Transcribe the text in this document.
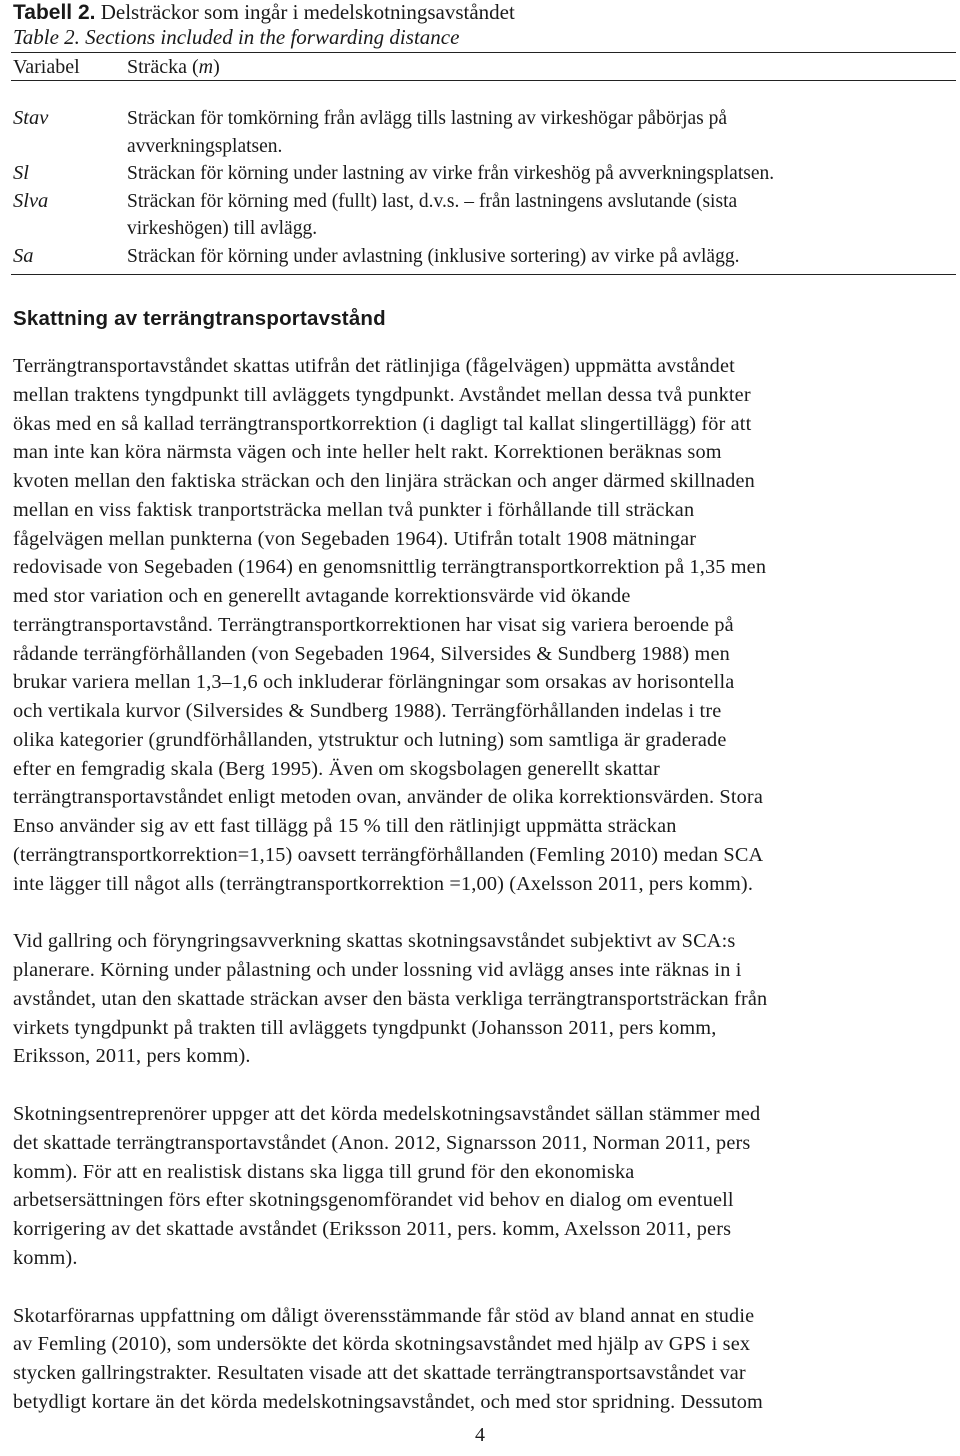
Tabell 2. Delsträckor som ingår i medelskotningsavståndet
Table 2. Sections included in the forwarding distance
Variabel	Sträcka (m)
Stav	Sträckan för tomkörning från avlägg tills lastning av virkeshögar påbörjas på
avverkningsplatsen.
Sl	Sträckan för körning under lastning av virke från virkeshög på avverkningsplatsen.
Slva	Sträckan för körning med (fullt) last, d.v.s. – från lastningens avslutande (sista
virkeshögen) till avlägg.
Sa	Sträckan för körning under avlastning (inklusive sortering) av virke på avlägg.
Skattning av terrängtransportavstånd
Terrängtransportavståndet skattas utifrån det rätlinjiga (fågelvägen) uppmätta avståndet
mellan traktens tyngdpunkt till avläggets tyngdpunkt. Avståndet mellan dessa två punkter
ökas med en så kallad terrängtransportkorrektion (i dagligt tal kallat slingertillägg) för att
man inte kan köra närmsta vägen och inte heller helt rakt. Korrektionen beräknas som
kvoten mellan den faktiska sträckan och den linjära sträckan och anger därmed skillnaden
mellan en viss faktisk tranportsträcka mellan två punkter i förhållande till sträckan
fågelvägen mellan punkterna (von Segebaden 1964). Utifrån totalt 1908 mätningar
redovisade von Segebaden (1964) en genomsnittlig terrängtransportkorrektion på 1,35 men
med stor variation och en generellt avtagande korrektionsvärde vid ökande
terrängtransportavstånd. Terrängtransportkorrektionen har visat sig variera beroende på
rådande terrängförhållanden (von Segebaden 1964, Silversides & Sundberg 1988) men
brukar variera mellan 1,3–1,6 och inkluderar förlängningar som orsakas av horisontella
och vertikala kurvor (Silversides & Sundberg 1988). Terrängförhållanden indelas i tre
olika kategorier (grundförhållanden, ytstruktur och lutning) som samtliga är graderade
efter en femgradig skala (Berg 1995). Även om skogsbolagen generellt skattar
terrängtransportavståndet enligt metoden ovan, använder de olika korrektionsvärden. Stora
Enso använder sig av ett fast tillägg på 15 % till den rätlinjigt uppmätta sträckan
(terrängtransportkorrektion=1,15) oavsett terrängförhållanden (Femling 2010) medan SCA
inte lägger till något alls (terrängtransportkorrektion =1,00) (Axelsson 2011, pers komm).
Vid gallring och föryngringsavverkning skattas skotningsavståndet subjektivt av SCA:s
planerare. Körning under pålastning och under lossning vid avlägg anses inte räknas in i
avståndet, utan den skattade sträckan avser den bästa verkliga terrängtransportsträckan från
virkets tyngdpunkt på trakten till avläggets tyngdpunkt (Johansson 2011, pers komm,
Eriksson, 2011, pers komm).
Skotningsentreprenörer uppger att det körda medelskotningsavståndet sällan stämmer med
det skattade terrängtransportavståndet (Anon. 2012, Signarsson 2011, Norman 2011, pers
komm). För att en realistisk distans ska ligga till grund för den ekonomiska
arbetsersättningen förs efter skotningsgenomförandet vid behov en dialog om eventuell
korrigering av det skattade avståndet (Eriksson 2011, pers. komm, Axelsson 2011, pers
komm).
Skotarförarnas uppfattning om dåligt överensstämmande får stöd av bland annat en studie
av Femling (2010), som undersökte det körda skotningsavståndet med hjälp av GPS i sex
stycken gallringstrakter. Resultaten visade att det skattade terrängtransportsavståndet var
betydligt kortare än det körda medelskotningsavståndet, och med stor spridning. Dessutom
4
